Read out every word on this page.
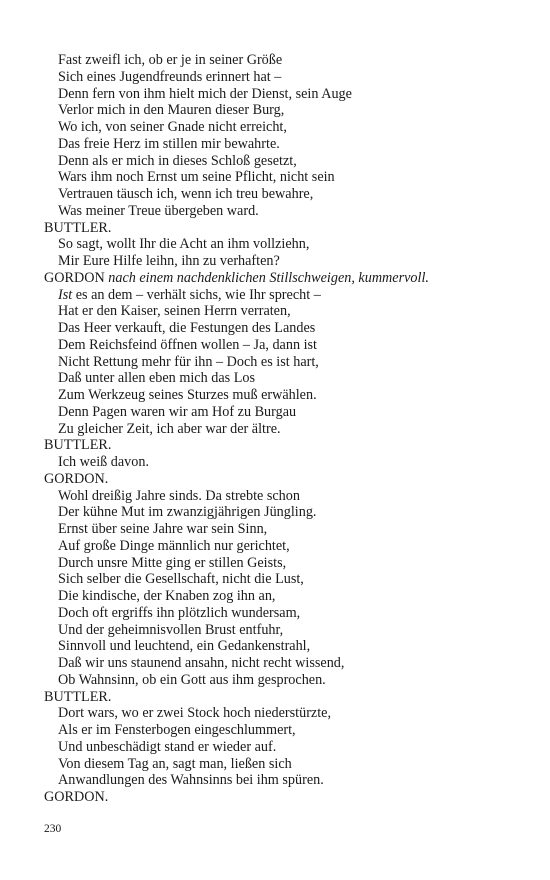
Fast zweifl ich, ob er je in seiner Größe
Sich eines Jugendfreunds erinnert hat –
Denn fern von ihm hielt mich der Dienst, sein Auge
Verlor mich in den Mauren dieser Burg,
Wo ich, von seiner Gnade nicht erreicht,
Das freie Herz im stillen mir bewahrte.
Denn als er mich in dieses Schloß gesetzt,
Wars ihm noch Ernst um seine Pflicht, nicht sein
Vertrauen täusch ich, wenn ich treu bewahre,
Was meiner Treue übergeben ward.
BUTTLER.
So sagt, wollt Ihr die Acht an ihm vollziehn,
Mir Eure Hilfe leihn, ihn zu verhaften?
GORDON nach einem nachdenklichen Stillschweigen, kummervoll.
Ist es an dem – verhält sichs, wie Ihr sprecht –
Hat er den Kaiser, seinen Herrn verraten,
Das Heer verkauft, die Festungen des Landes
Dem Reichsfeind öffnen wollen – Ja, dann ist
Nicht Rettung mehr für ihn – Doch es ist hart,
Daß unter allen eben mich das Los
Zum Werkzeug seines Sturzes muß erwählen.
Denn Pagen waren wir am Hof zu Burgau
Zu gleicher Zeit, ich aber war der ältre.
BUTTLER.
Ich weiß davon.
GORDON.
Wohl dreißig Jahre sinds. Da strebte schon
Der kühne Mut im zwanzigjährigen Jüngling.
Ernst über seine Jahre war sein Sinn,
Auf große Dinge männlich nur gerichtet,
Durch unsre Mitte ging er stillen Geists,
Sich selber die Gesellschaft, nicht die Lust,
Die kindische, der Knaben zog ihn an,
Doch oft ergriffs ihn plötzlich wundersam,
Und der geheimnisvollen Brust entfuhr,
Sinnvoll und leuchtend, ein Gedankenstrahl,
Daß wir uns staunend ansahn, nicht recht wissend,
Ob Wahnsinn, ob ein Gott aus ihm gesprochen.
BUTTLER.
Dort wars, wo er zwei Stock hoch niederstürzte,
Als er im Fensterbogen eingeschlummert,
Und unbeschädigt stand er wieder auf.
Von diesem Tag an, sagt man, ließen sich
Anwandlungen des Wahnsinns bei ihm spüren.
GORDON.
230
